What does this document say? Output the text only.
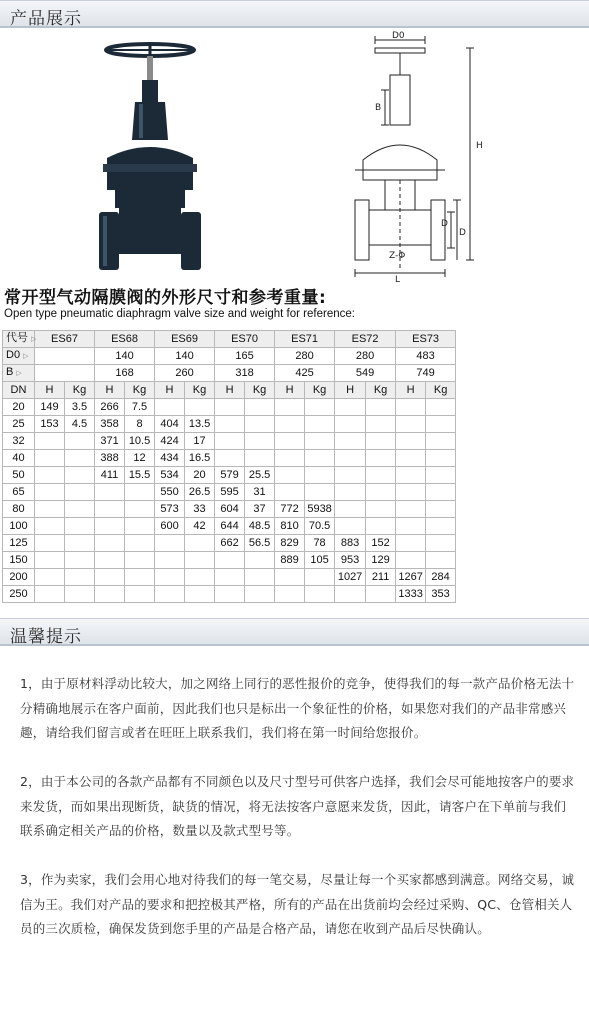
产品展示
D0
B
H
D
D
L
Z-Φ
常开型气动隔膜阀的外形尺寸和参考重量:
Open type pneumatic diaphragm valve size and weight for reference:
代号 ▷	ES67		ES68		ES69		ES70		ES71		ES72		ES73	
D0 ▷			140		140		165		280		280		483	
B ▷			168		260		318		425		549		749	
DN	H	Kg	H	Kg	H	Kg	H	Kg	H	Kg	H	Kg	H	Kg
20	149	3.5	266	7.5										
25	153	4.5	358	8	404	13.5								
32			371	10.5	424	17								
40			388	12	434	16.5								
50			411	15.5	534	20	579	25.5						
65					550	26.5	595	31						
80					573	33	604	37	772	5938				
100					600	42	644	48.5	810	70.5				
125							662	56.5	829	78	883	152		
150									889	105	953	129		
200											1027	211	1267	284
250													1333	353
温馨提示

1，由于原材料浮动比较大，加之网络上同行的恶性报价的竞争，使得我们的每一款产品价格无法十分精确地展示在客户面前，因此我们也只是标出一个象征性的价格，如果您对我们的产品非常感兴趣，请给我们留言或者在旺旺上联系我们，我们将在第一时间给您报价。

2，由于本公司的各款产品都有不同颜色以及尺寸型号可供客户选择，我们会尽可能地按客户的要求来发货，而如果出现断货，缺货的情况，将无法按客户意愿来发货，因此，请客户在下单前与我们联系确定相关产品的价格，数量以及款式型号等。

3，作为卖家，我们会用心地对待我们的每一笔交易，尽量让每一个买家都感到满意。网络交易，诚信为王。我们对产品的要求和把控极其严格，所有的产品在出货前均会经过采购、QC、仓管相关人员的三次质检，确保发货到您手里的产品是合格产品，请您在收到产品后尽快确认。
